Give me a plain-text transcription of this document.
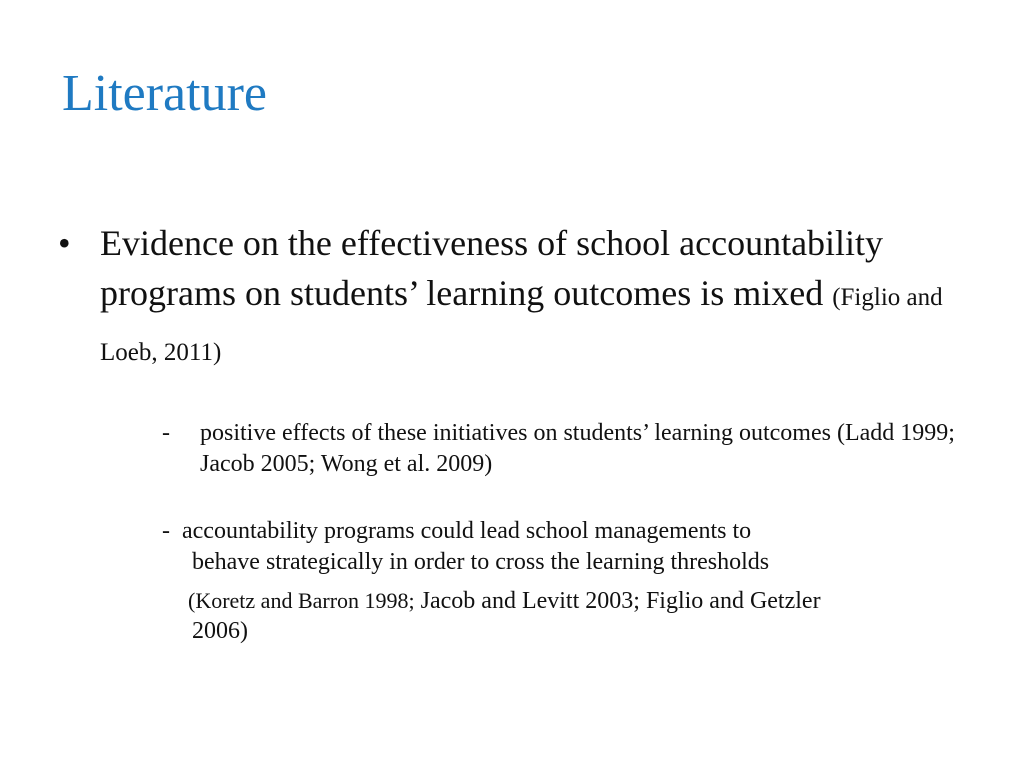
Literature
• Evidence on the effectiveness of school accountability programs on students’ learning outcomes is mixed (Figlio and Loeb, 2011)
- positive effects of these initiatives on students’ learning outcomes (Ladd 1999; Jacob 2005; Wong et al. 2009)
- accountability programs could lead school managements to
behave strategically in order to cross the learning thresholds
(Koretz and Barron 1998; Jacob and Levitt 2003; Figlio and Getzler
2006)
